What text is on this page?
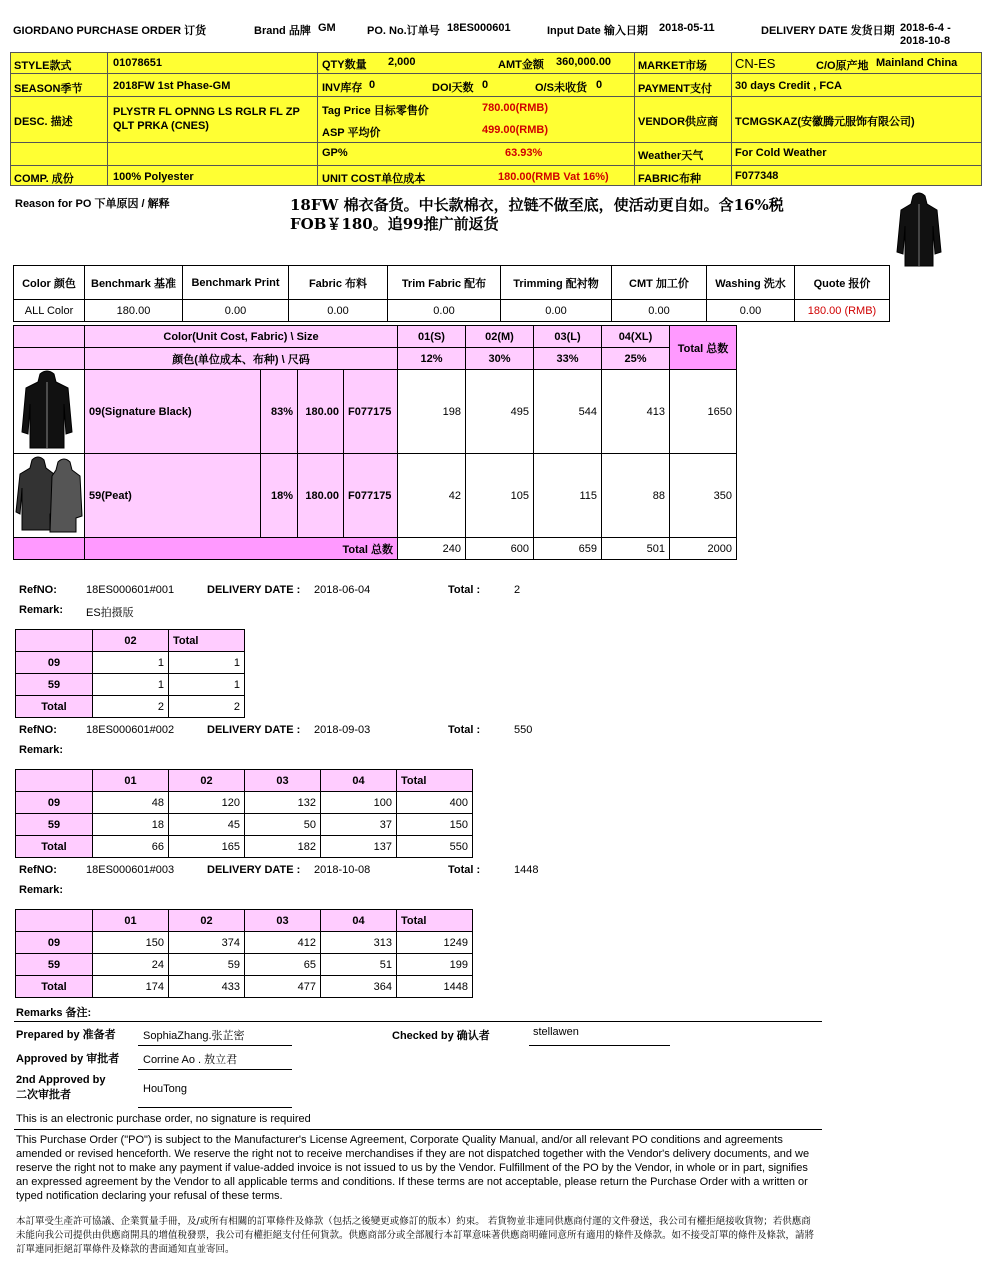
GIORDANO PURCHASE ORDER 订货	Brand 品牌 GM	PO. No.订单号 18ES000601	Input Date 输入日期 2018-05-11	DELIVERY DATE 发货日期 2018-6-4 -
2018-10-8
STYLE款式	01078651	QTY数量 2,000	AMT金额 360,000.00 MARKET市场 CN-ES	C/O原产地 Mainland China
SEASON季节	2018FW 1st Phase-GM	INV库存 0	DOI天数 0	O/S未收货 0	PAYMENT支付 30 days Credit , FCA
DESC. 描述
PLYSTR FL OPNNG LS RGLR FL ZP
QLT PRKA (CNES)
Tag Price 目标零售价	780.00(RMB)
ASP 平均价	499.00(RMB)
VENDOR供应商 TCMGSKAZ(安徽腾元服饰有限公司)
GP%	63.93%	Weather天气	For Cold Weather
COMP. 成份	100% Polyester	UNIT COST单位成本	180.00(RMB Vat 16%)	FABRIC布种	F077348
Reason for PO 下单原因 / 解释	18FW 棉衣备货。中长款棉衣，拉链不做至底，使活动更自如。含16%税
FOB￥180。追99推广前返货
Color 颜色	Benchmark 基准	Benchmark Print	Fabric 布料	Trim Fabric 配布	Trimming 配衬物	CMT 加工价	Washing 洗水	Quote 报价
ALL Color	180.00	0.00	0.00	0.00	0.00	0.00	0.00	180.00 (RMB)
	Color(Unit Cost, Fabric) \ Size				01(S)	02(M)	03(L)	04(XL)	Total 总数
	颜色(单位成本、布种) \ 尺码				12%	30%	33%	25%	
	09(Signature Black)	83%	180.00	F077175	198	495	544	413	1650
	59(Peat)	18%	180.00	F077175	42	105	115	88	350
	Total 总数				240	600	659	501	2000
RefNO:	18ES000601#001	DELIVERY DATE : 2018-06-04	Total :	2
Remark: ES拍摄版
	02	Total
09	1	1
59	1	1
Total	2	2
RefNO:	18ES000601#002	DELIVERY DATE : 2018-09-03	Total :	550
Remark:
	01	02	03	04	Total
09	48	120	132	100	400
59	18	45	50	37	150
Total	66	165	182	137	550
RefNO:	18ES000601#003	DELIVERY DATE : 2018-10-08	Total :	1448
Remark:
	01	02	03	04	Total
09	150	374	412	313	1249
59	24	59	65	51	199
Total	174	433	477	364	1448
Remarks 备注:
Prepared by 准备者 SophiaZhang.张芷密	Checked by 确认者	stellawen
Approved by 审批者 Corrine Ao . 敖立君
2nd Approved by
二次审批者	HouTong
This is an electronic purchase order, no signature is required
This Purchase Order ("PO") is subject to the Manufacturer's License Agreement, Corporate Quality Manual, and/or all relevant PO conditions and agreements amended or revised henceforth. We reserve the right not to receive merchandises if they are not dispatched together with the Vendor's delivery documents, and we reserve the right not to make any payment if value-added invoice is not issued to us by the Vendor. Fulfillment of the PO by the Vendor, in whole or in part, signifies an expressed agreement by the Vendor to all applicable terms and conditions. If these terms are not acceptable, please return the Purchase Order with a written or typed notification declaring your refusal of these terms.
本訂單受生產許可協議、企業質量手冊，及/或所有相關的訂單條件及條款（包括之後變更或修訂的版本）約束。 若貨物並非連同供應商付運的文件發送，我公司有權拒絕接收貨物；若供應商未能向我公司提供由供應商開具的增值稅發票，我公司有權拒絕支付任何貨款。供應商部分或全部履行本訂單意味著供應商明確同意所有適用的條件及條款。如不接受訂單的條件及條款，請將訂單連同拒絕訂單條件及條款的書面通知直並寄回。
